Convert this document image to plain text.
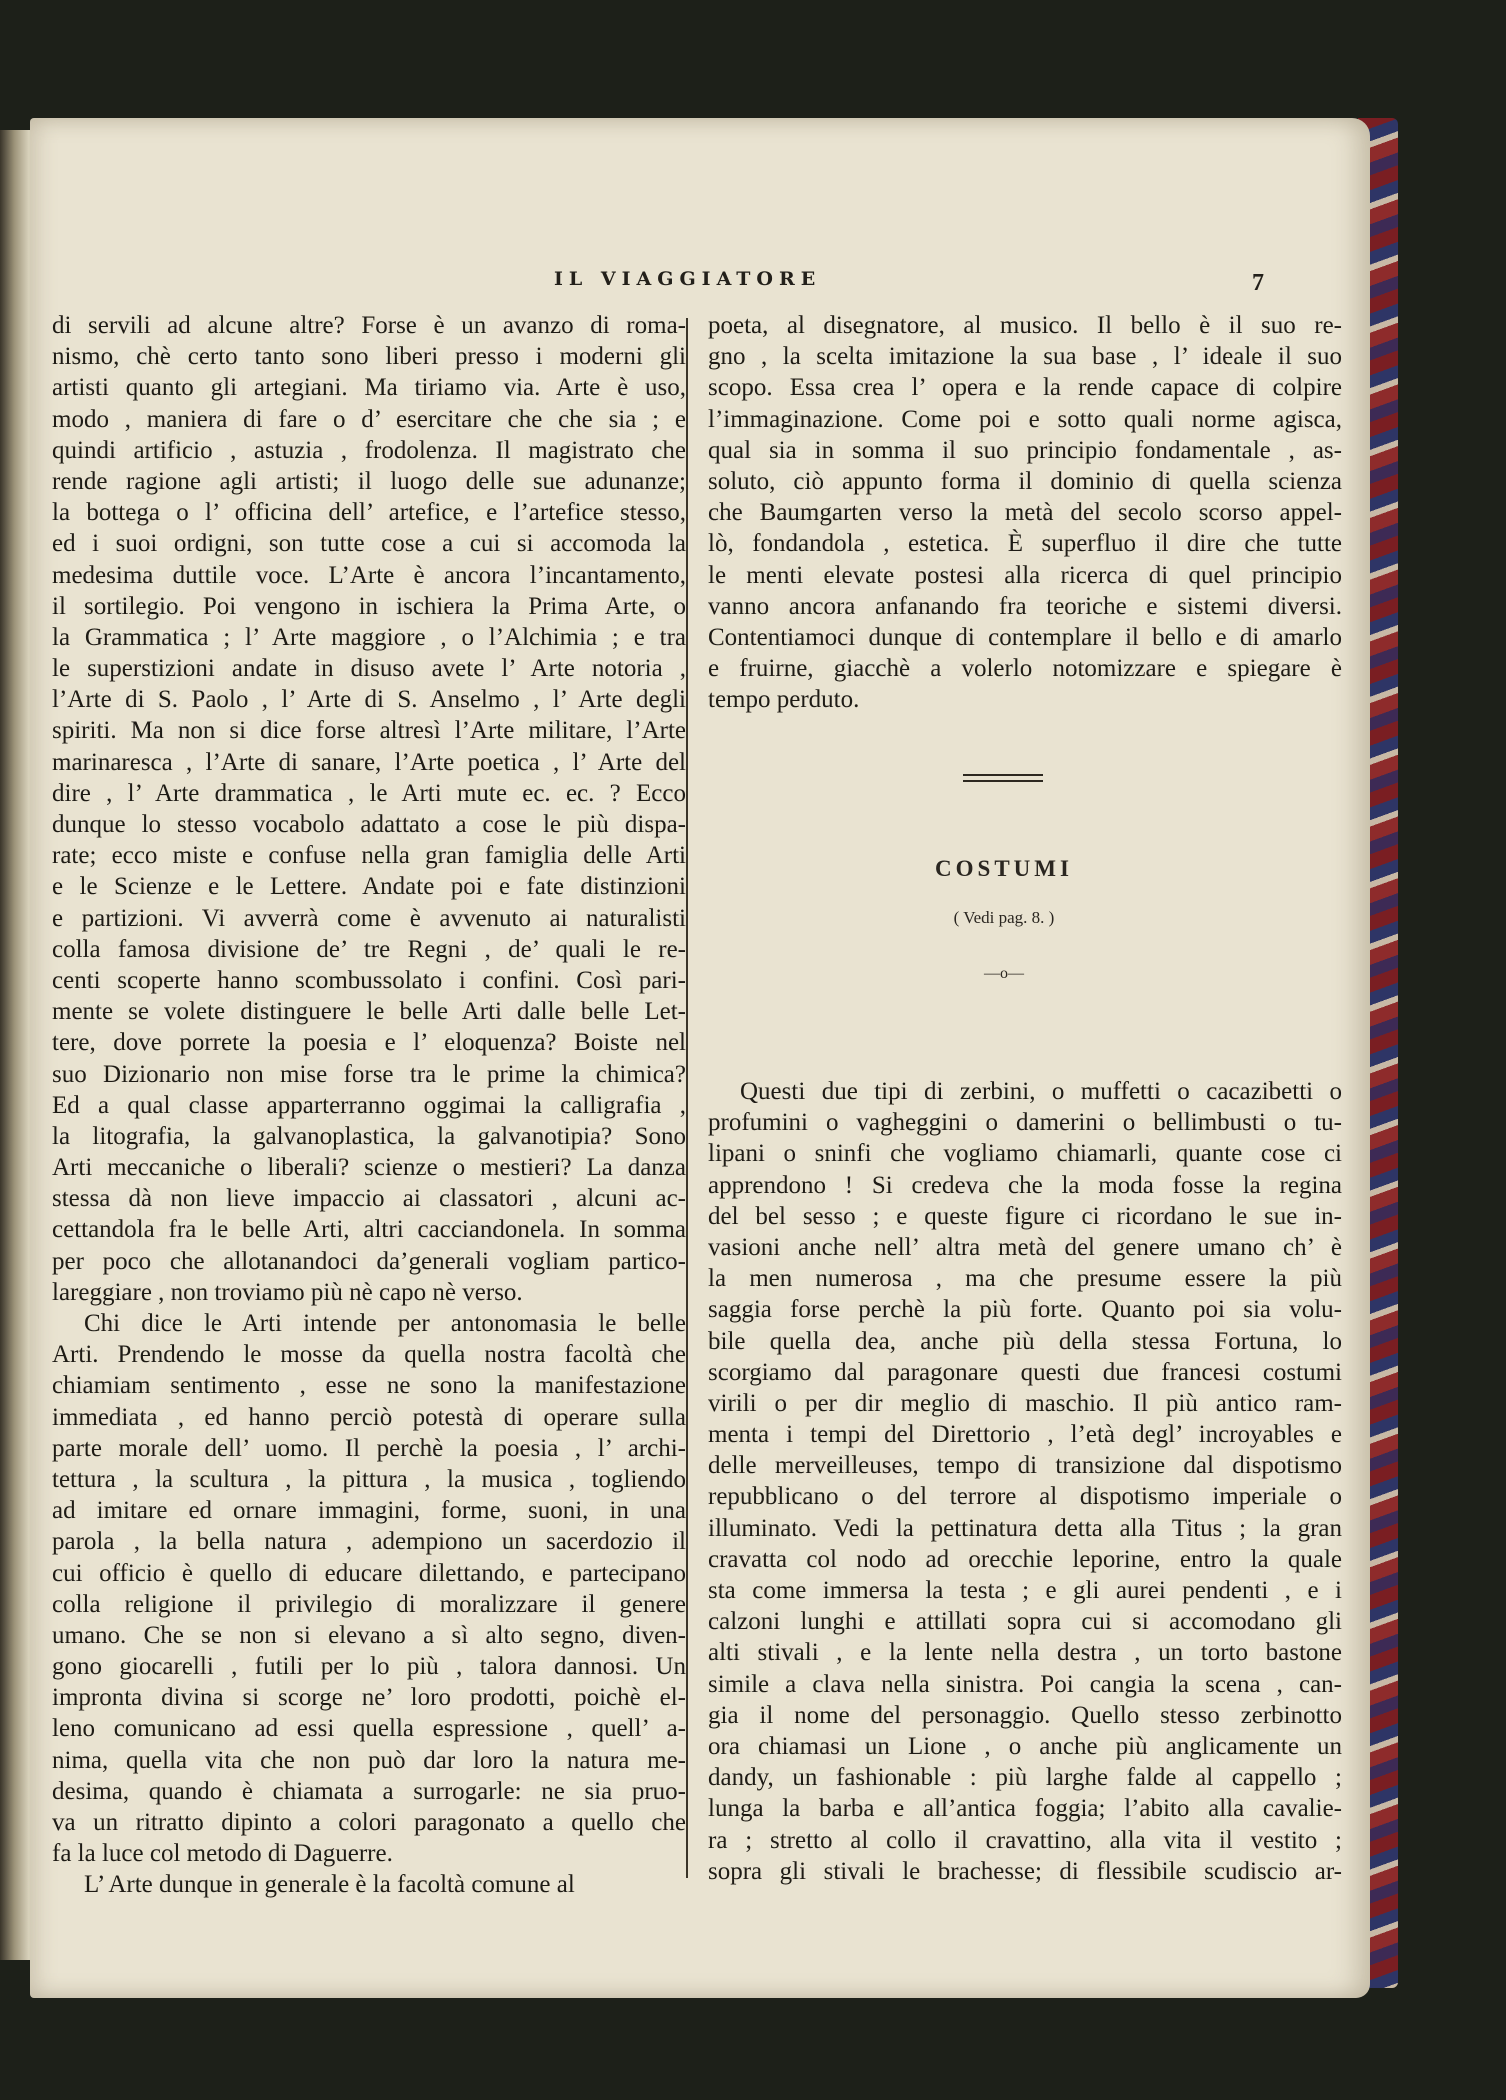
IL VIAGGIATORE	7
di servili ad alcune altre? Forse è un avanzo di roma-
nismo, chè certo tanto sono liberi presso i moderni gli
artisti quanto gli artegiani. Ma tiriamo via. Arte è uso,
modo , maniera di fare o d’ esercitare che che sia ; e
quindi artificio , astuzia , frodolenza. Il magistrato che
rende ragione agli artisti; il luogo delle sue adunanze;
la bottega o l’ officina dell’ artefice, e l’artefice stesso,
ed i suoi ordigni, son tutte cose a cui si accomoda la
medesima duttile voce. L’Arte è ancora l’incantamento,
il sortilegio. Poi vengono in ischiera la Prima Arte, o
la Grammatica ; l’ Arte maggiore , o l’Alchimia ; e tra
le superstizioni andate in disuso avete l’ Arte notoria ,
l’Arte di S. Paolo , l’ Arte di S. Anselmo , l’ Arte degli
spiriti. Ma non si dice forse altresì l’Arte militare, l’Arte
marinaresca , l’Arte di sanare, l’Arte poetica , l’ Arte del
dire , l’ Arte drammatica , le Arti mute ec. ec. ? Ecco
dunque lo stesso vocabolo adattato a cose le più dispa-
rate; ecco miste e confuse nella gran famiglia delle Arti
e le Scienze e le Lettere. Andate poi e fate distinzioni
e partizioni. Vi avverrà come è avvenuto ai naturalisti
colla famosa divisione de’ tre Regni , de’ quali le re-
centi scoperte hanno scombussolato i confini. Così pari-
mente se volete distinguere le belle Arti dalle belle Let-
tere, dove porrete la poesia e l’ eloquenza? Boiste nel
suo Dizionario non mise forse tra le prime la chimica?
Ed a qual classe apparterranno oggimai la calligrafia ,
la litografia, la galvanoplastica, la galvanotipia? Sono
Arti meccaniche o liberali? scienze o mestieri? La danza
stessa dà non lieve impaccio ai classatori , alcuni ac-
cettandola fra le belle Arti, altri cacciandonela. In somma
per poco che allotanandoci da’generali vogliam partico-
lareggiare , non troviamo più nè capo nè verso.
Chi dice le Arti intende per antonomasia le belle
Arti. Prendendo le mosse da quella nostra facoltà che
chiamiam sentimento , esse ne sono la manifestazione
immediata , ed hanno perciò potestà di operare sulla
parte morale dell’ uomo. Il perchè la poesia , l’ archi-
tettura , la scultura , la pittura , la musica , togliendo
ad imitare ed ornare immagini, forme, suoni, in una
parola , la bella natura , adempiono un sacerdozio il
cui officio è quello di educare dilettando, e partecipano
colla religione il privilegio di moralizzare il genere
umano. Che se non si elevano a sì alto segno, diven-
gono giocarelli , futili per lo più , talora dannosi. Un
impronta divina si scorge ne’ loro prodotti, poichè el-
leno comunicano ad essi quella espressione , quell’ a-
nima, quella vita che non può dar loro la natura me-
desima, quando è chiamata a surrogarle: ne sia pruo-
va un ritratto dipinto a colori paragonato a quello che
fa la luce col metodo di Daguerre.
L’ Arte dunque in generale è la facoltà comune al
poeta, al disegnatore, al musico. Il bello è il suo re-
gno , la scelta imitazione la sua base , l’ ideale il suo
scopo. Essa crea l’ opera e la rende capace di colpire
l’immaginazione. Come poi e sotto quali norme agisca,
qual sia in somma il suo principio fondamentale , as-
soluto, ciò appunto forma il dominio di quella scienza
che Baumgarten verso la metà del secolo scorso appel-
lò, fondandola , estetica. È superfluo il dire che tutte
le menti elevate postesi alla ricerca di quel principio
vanno ancora anfanando fra teoriche e sistemi diversi.
Contentiamoci dunque di contemplare il bello e di amarlo
e fruirne, giacchè a volerlo notomizzare e spiegare è
tempo perduto.
COSTUMI
( Vedi pag. 8. )
—o—
Questi due tipi di zerbini, o muffetti o cacazibetti o
profumini o vagheggini o damerini o bellimbusti o tu-
lipani o sninfi che vogliamo chiamarli, quante cose ci
apprendono ! Si credeva che la moda fosse la regina
del bel sesso ; e queste figure ci ricordano le sue in-
vasioni anche nell’ altra metà del genere umano ch’ è
la men numerosa , ma che presume essere la più
saggia forse perchè la più forte. Quanto poi sia volu-
bile quella dea, anche più della stessa Fortuna, lo
scorgiamo dal paragonare questi due francesi costumi
virili o per dir meglio di maschio. Il più antico ram-
menta i tempi del Direttorio , l’età degl’ incroyables e
delle merveilleuses, tempo di transizione dal dispotismo
repubblicano o del terrore al dispotismo imperiale o
illuminato. Vedi la pettinatura detta alla Titus ; la gran
cravatta col nodo ad orecchie leporine, entro la quale
sta come immersa la testa ; e gli aurei pendenti , e i
calzoni lunghi e attillati sopra cui si accomodano gli
alti stivali , e la lente nella destra , un torto bastone
simile a clava nella sinistra. Poi cangia la scena , can-
gia il nome del personaggio. Quello stesso zerbinotto
ora chiamasi un Lione , o anche più anglicamente un
dandy, un fashionable : più larghe falde al cappello ;
lunga la barba e all’antica foggia; l’abito alla cavalie-
ra ; stretto al collo il cravattino, alla vita il vestito ;
sopra gli stivali le brachesse; di flessibile scudiscio ar-
